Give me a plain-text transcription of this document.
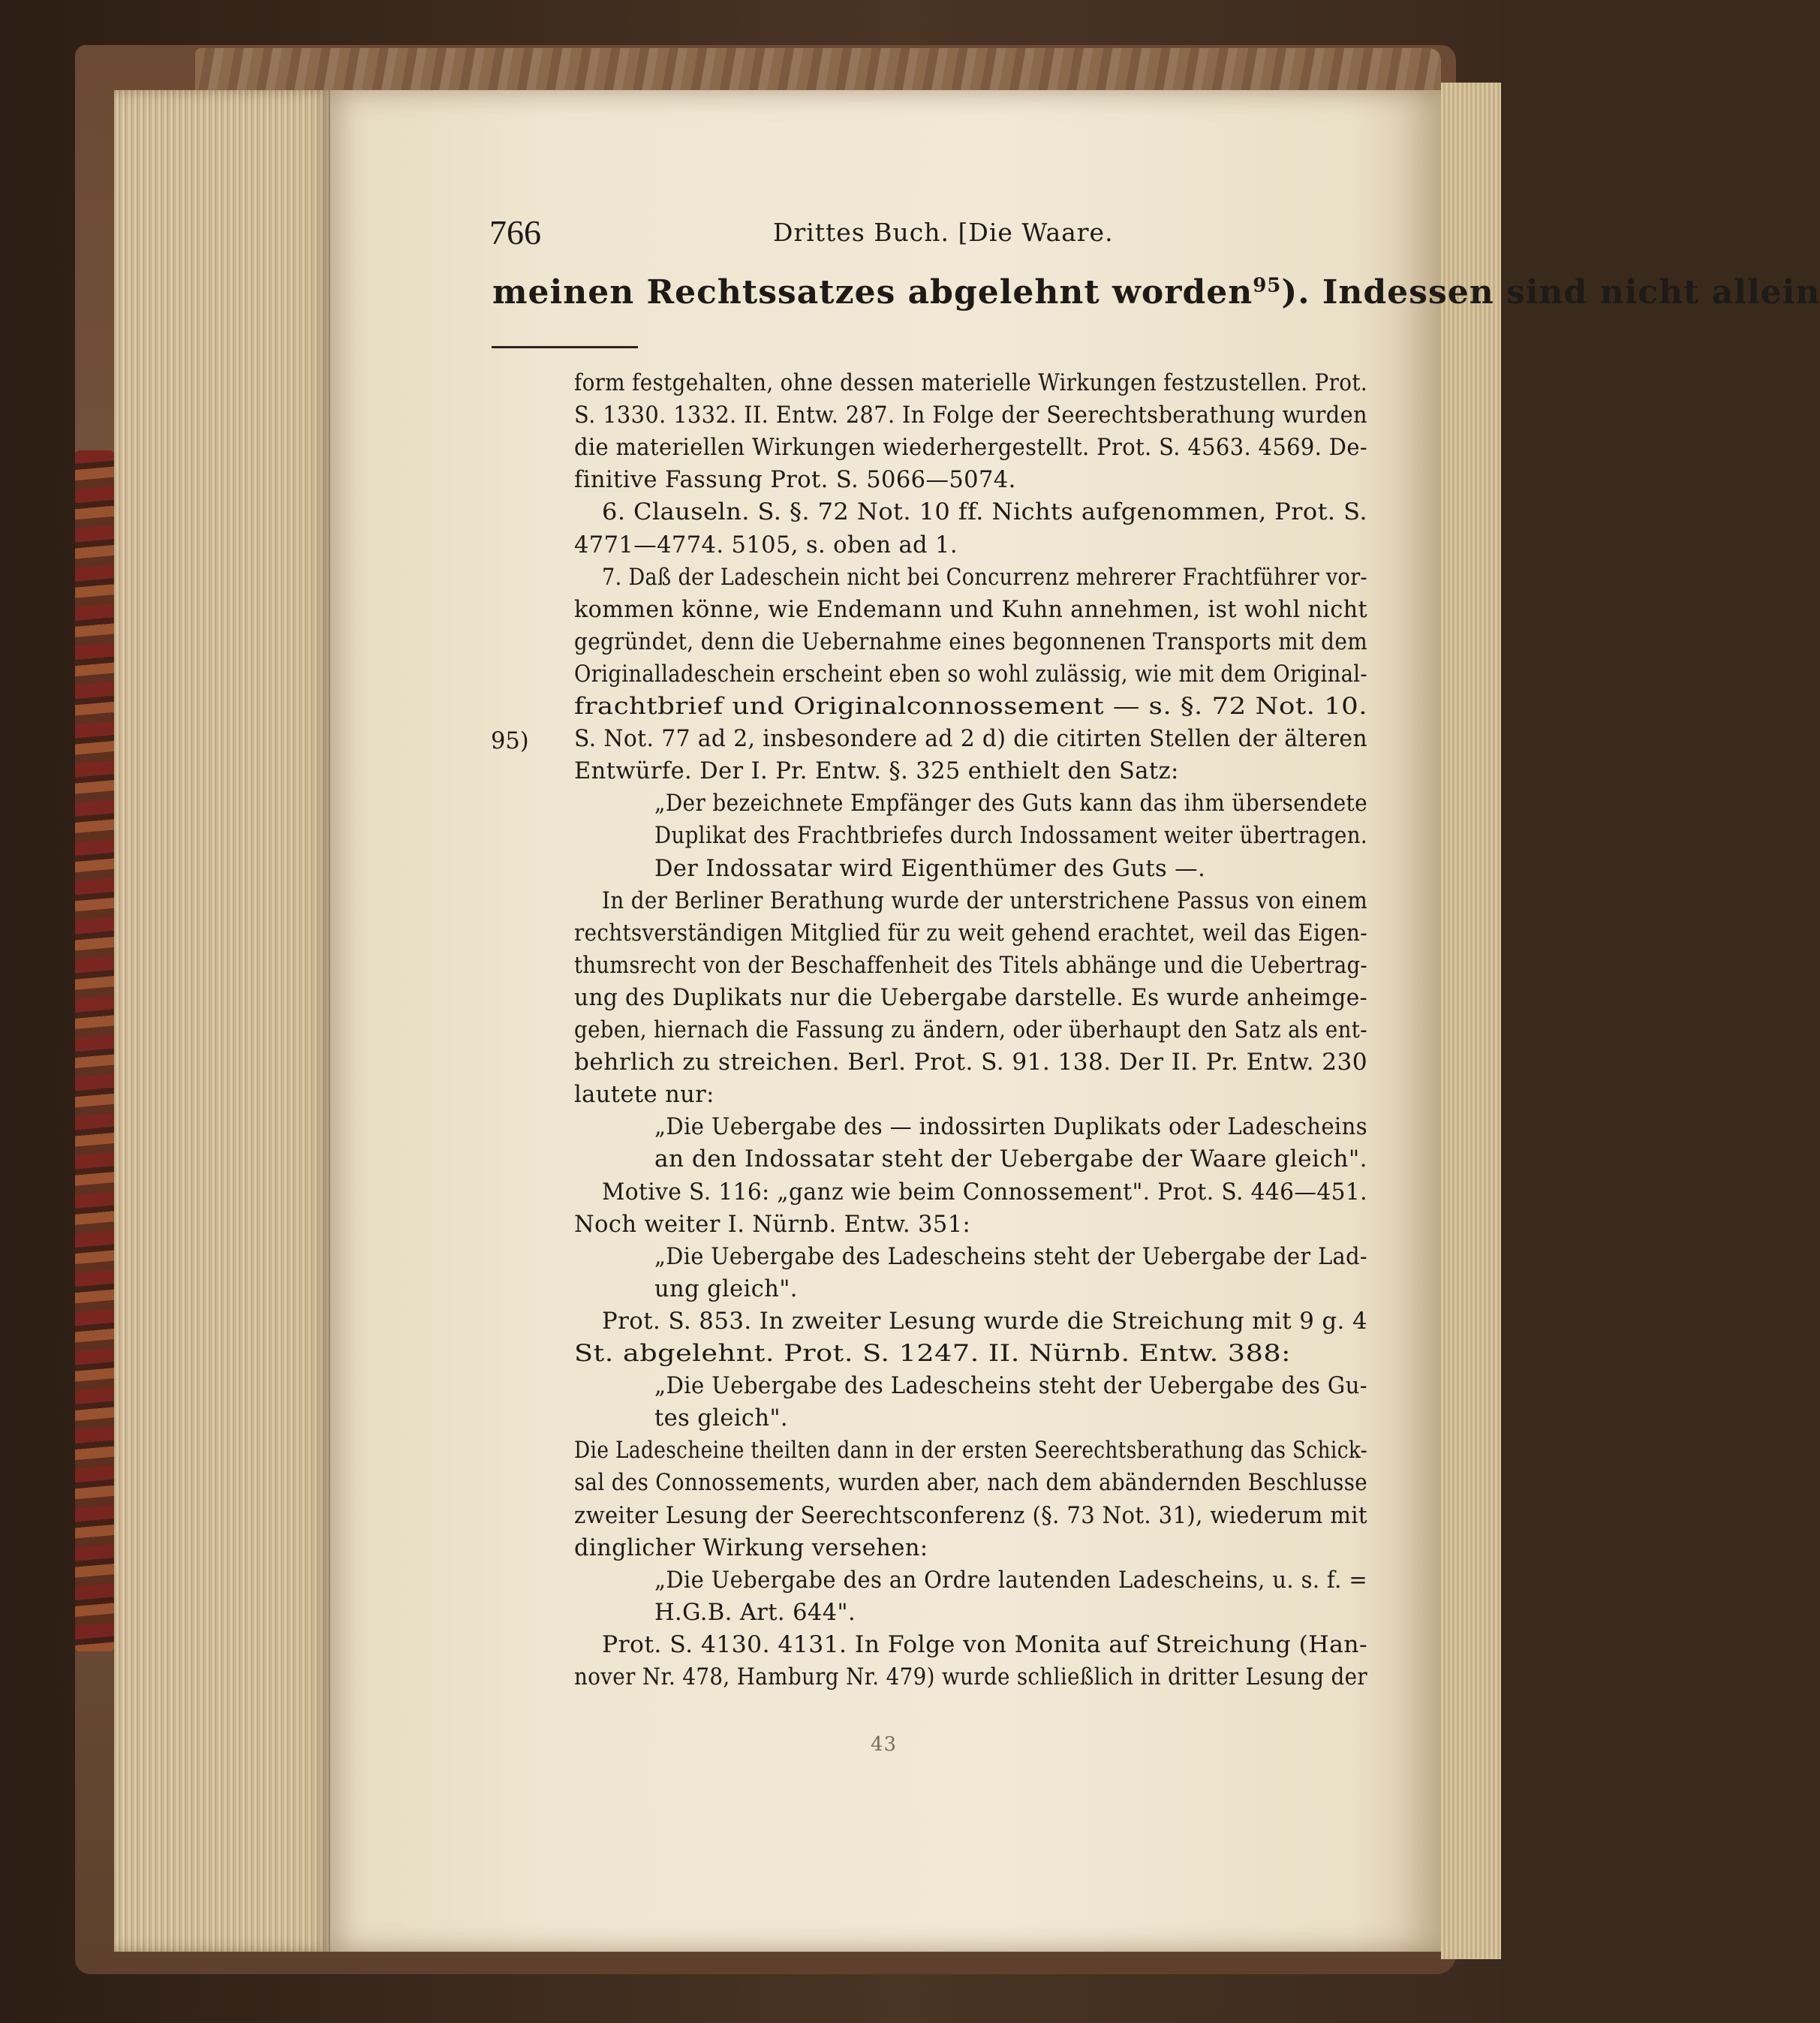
766	Drittes Buch. [Die Waare.

meinen Rechtssatzes abgelehnt worden$^{95}$). Indessen sind nicht allein

95)

form festgehalten, ohne dessen materielle Wirkungen festzustellen. Prot.

S. 1330. 1332. II. Entw. 287. In Folge der Seerechtsberathung wurden

die materiellen Wirkungen wiederhergestellt. Prot. S. 4563. 4569. De-

finitive Fassung Prot. S. 5066—5074.

6. Clauseln. S. §. 72 Not. 10 ff. Nichts aufgenommen, Prot. S.

4771—4774. 5105, s. oben ad 1.

7. Daß der Ladeschein nicht bei Concurrenz mehrerer Frachtführer vor-

kommen könne, wie Endemann und Kuhn annehmen, ist wohl nicht

gegründet, denn die Uebernahme eines begonnenen Transports mit dem

Originalladeschein erscheint eben so wohl zulässig, wie mit dem Original-

frachtbrief und Originalconnossement — s. §. 72 Not. 10.

S. Not. 77 ad 2, insbesondere ad 2 d) die citirten Stellen der älteren

Entwürfe. Der I. Pr. Entw. §. 325 enthielt den Satz:

„Der bezeichnete Empfänger des Guts kann das ihm übersendete

Duplikat des Frachtbriefes durch Indossament weiter übertragen.

Der Indossatar wird Eigenthümer des Guts —.

In der Berliner Berathung wurde der unterstrichene Passus von einem

rechtsverständigen Mitglied für zu weit gehend erachtet, weil das Eigen-

thumsrecht von der Beschaffenheit des Titels abhänge und die Uebertrag-

ung des Duplikats nur die Uebergabe darstelle. Es wurde anheimge-

geben, hiernach die Fassung zu ändern, oder überhaupt den Satz als ent-

behrlich zu streichen. Berl. Prot. S. 91. 138. Der II. Pr. Entw. 230

lautete nur:

„Die Uebergabe des — indossirten Duplikats oder Ladescheins

an den Indossatar steht der Uebergabe der Waare gleich".

Motive S. 116: „ganz wie beim Connossement". Prot. S. 446—451.

Noch weiter I. Nürnb. Entw. 351:

„Die Uebergabe des Ladescheins steht der Uebergabe der Lad-

ung gleich".

Prot. S. 853. In zweiter Lesung wurde die Streichung mit 9 g. 4

St. abgelehnt. Prot. S. 1247. II. Nürnb. Entw. 388:

„Die Uebergabe des Ladescheins steht der Uebergabe des Gu-

tes gleich".

Die Ladescheine theilten dann in der ersten Seerechtsberathung das Schick-

sal des Connossements, wurden aber, nach dem abändernden Beschlusse

zweiter Lesung der Seerechtsconferenz (§. 73 Not. 31), wiederum mit

dinglicher Wirkung versehen:

„Die Uebergabe des an Ordre lautenden Ladescheins, u. s. f. =

H.G.B. Art. 644".

Prot. S. 4130. 4131. In Folge von Monita auf Streichung (Han-

nover Nr. 478, Hamburg Nr. 479) wurde schließlich in dritter Lesung der

43
